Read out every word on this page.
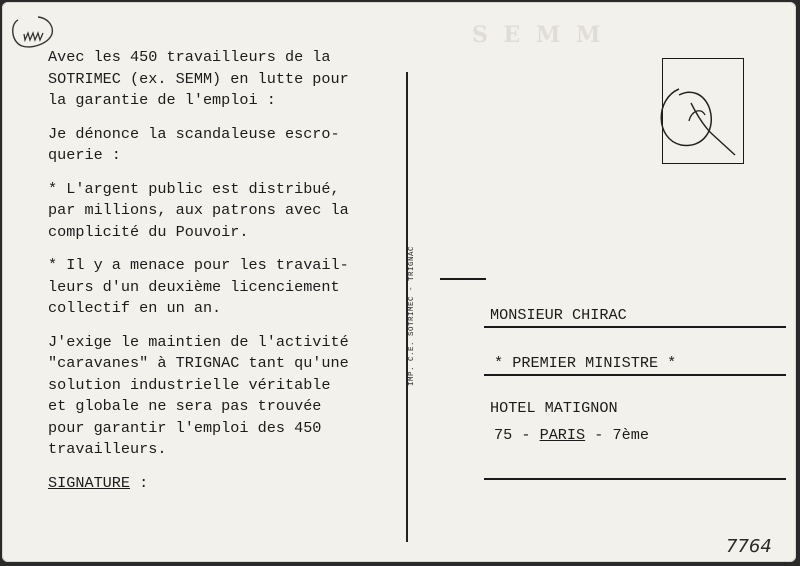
S E M M

Avec les 450 travailleurs de la
SOTRIMEC (ex. SEMM) en lutte pour
la garantie de l'emploi :

Je dénonce la scandaleuse escro-
querie :

* L'argent public est distribué,
par millions, aux patrons avec la
complicité du Pouvoir.

* Il y a menace pour les travail-
leurs d'un deuxième licenciement
collectif en un an.

J'exige le maintien de l'activité
"caravanes" à TRIGNAC tant qu'une
solution industrielle véritable
et globale ne sera pas trouvée
pour garantir l'emploi des 450
travailleurs.

SIGNATURE :

IMP. C.E. SOTRIMEC - TRIGNAC	MONSIEUR CHIRAC
* PREMIER MINISTRE *
HOTEL MATIGNON
75 - PARIS - 7ème
7764
